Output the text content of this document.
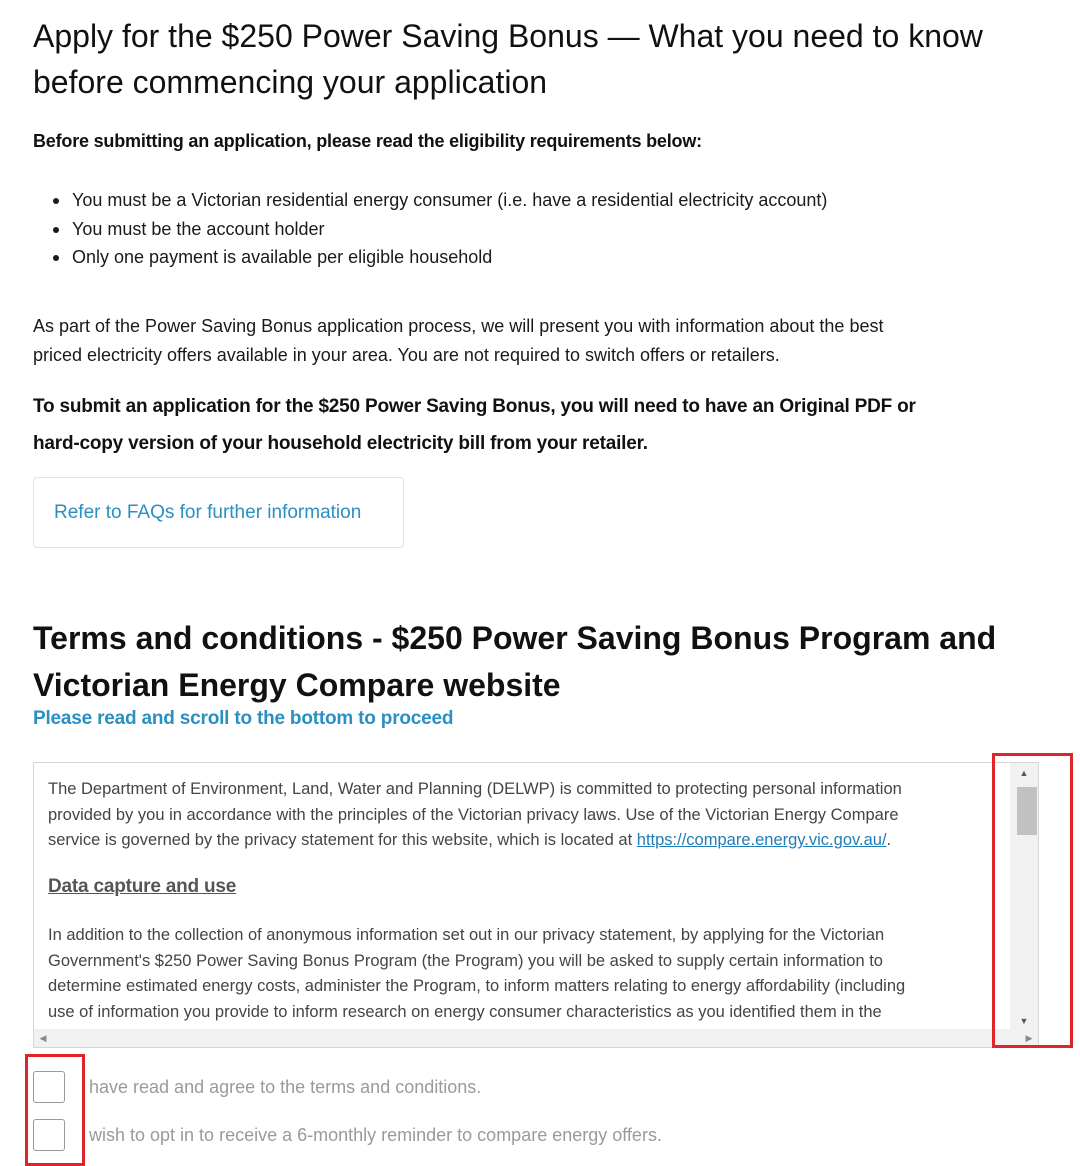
Apply for the $250 Power Saving Bonus — What you need to know
before commencing your application
Before submitting an application, please read the eligibility requirements below:
You must be a Victorian residential energy consumer (i.e. have a residential electricity account)
You must be the account holder
Only one payment is available per eligible household
As part of the Power Saving Bonus application process, we will present you with information about the best
priced electricity offers available in your area. You are not required to switch offers or retailers.
To submit an application for the $250 Power Saving Bonus, you will need to have an Original PDF or
hard-copy version of your household electricity bill from your retailer.
Refer to FAQs for further information
Terms and conditions - $250 Power Saving Bonus Program and
Victorian Energy Compare website
Please read and scroll to the bottom to proceed

The Department of Environment, Land, Water and Planning (DELWP) is committed to protecting personal information
provided by you in accordance with the principles of the Victorian privacy laws. Use of the Victorian Energy Compare
service is governed by the privacy statement for this website, which is located at https://compare.energy.vic.gov.au/.

Data capture and use

In addition to the collection of anonymous information set out in our privacy statement, by applying for the Victorian
Government's $250 Power Saving Bonus Program (the Program) you will be asked to supply certain information to
determine estimated energy costs, administer the Program, to inform matters relating to energy affordability (including
use of information you provide to inform research on energy consumer characteristics as you identified them in the

▲
▼
◀	▶
have read and agree to the terms and conditions.
wish to opt in to receive a 6-monthly reminder to compare energy offers.
